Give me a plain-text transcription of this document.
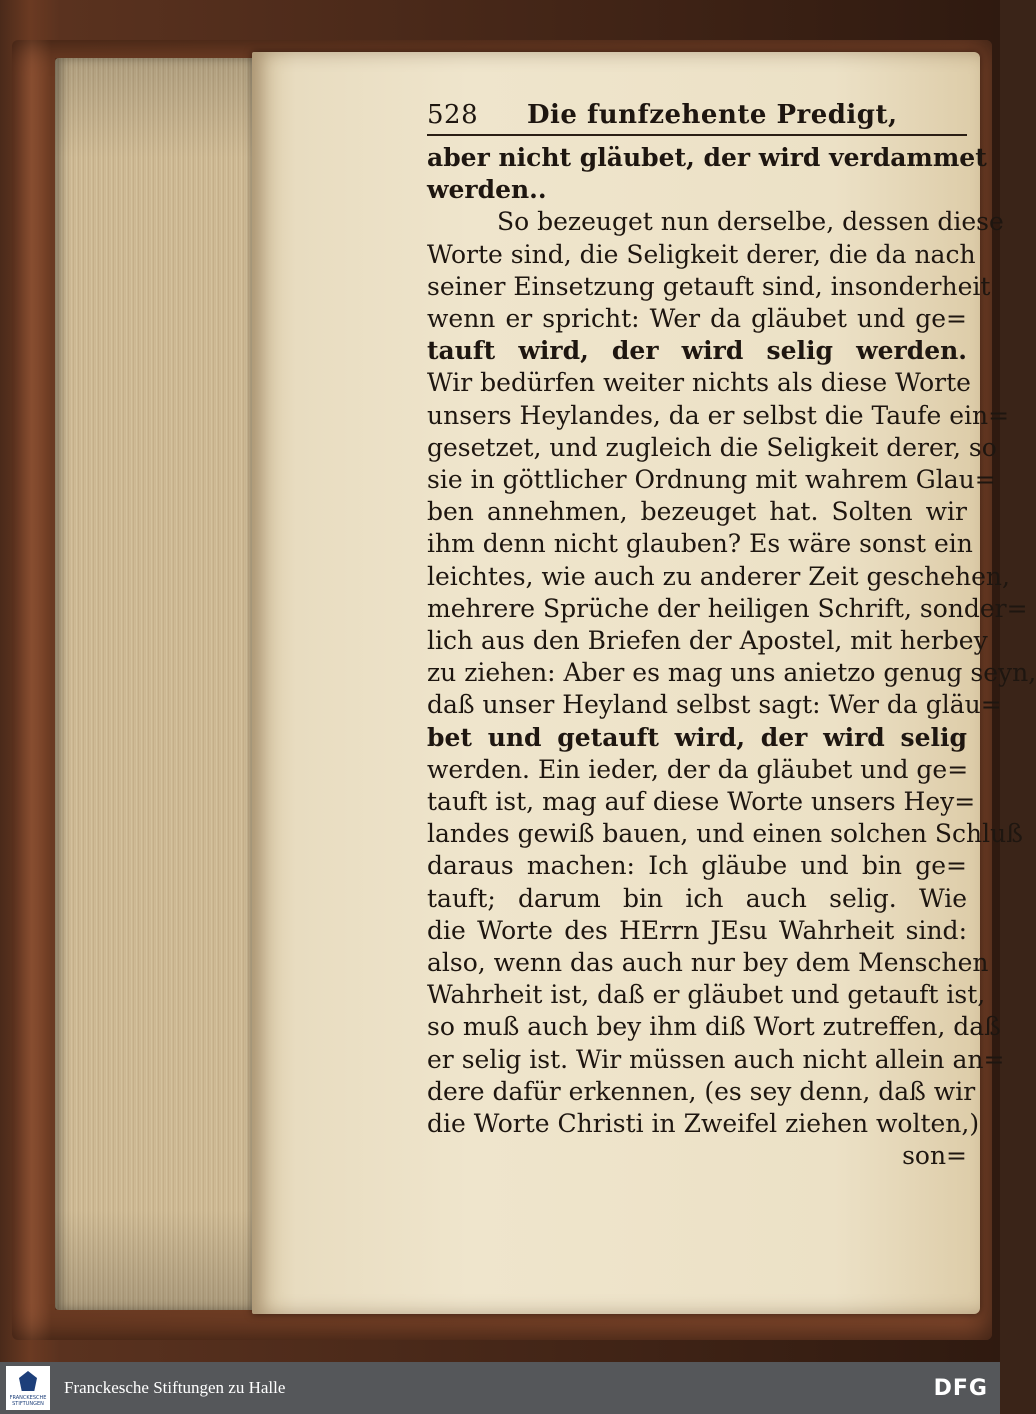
528	Die funfzehente Predigt,
aber nicht gläubet, der wird verdammet
werden..
So bezeuget nun derselbe, dessen diese
Worte sind, die Seligkeit derer, die da nach
seiner Einsetzung getauft sind, insonderheit
wenn er spricht: Wer da gläubet und ge=
tauft wird, der wird selig werden.
Wir bedürfen weiter nichts als diese Worte
unsers Heylandes, da er selbst die Taufe ein=
gesetzet, und zugleich die Seligkeit derer, so
sie in göttlicher Ordnung mit wahrem Glau=
ben annehmen, bezeuget hat. Solten wir
ihm denn nicht glauben? Es wäre sonst ein
leichtes, wie auch zu anderer Zeit geschehen,
mehrere Sprüche der heiligen Schrift, sonder=
lich aus den Briefen der Apostel, mit herbey
zu ziehen: Aber es mag uns anietzo genug seyn,
daß unser Heyland selbst sagt: Wer da gläu=
bet und getauft wird, der wird selig
werden. Ein ieder, der da gläubet und ge=
tauft ist, mag auf diese Worte unsers Hey=
landes gewiß bauen, und einen solchen Schluß
daraus machen: Ich gläube und bin ge=
tauft; darum bin ich auch selig. Wie
die Worte des HErrn JEsu Wahrheit sind:
also, wenn das auch nur bey dem Menschen
Wahrheit ist, daß er gläubet und getauft ist,
so muß auch bey ihm diß Wort zutreffen, daß
er selig ist. Wir müssen auch nicht allein an=
dere dafür erkennen, (es sey denn, daß wir
die Worte Christi in Zweifel ziehen wolten,)
son=
FRANCKESCHE
STIFTUNGEN
Franckesche Stiftungen zu Halle	DFG
